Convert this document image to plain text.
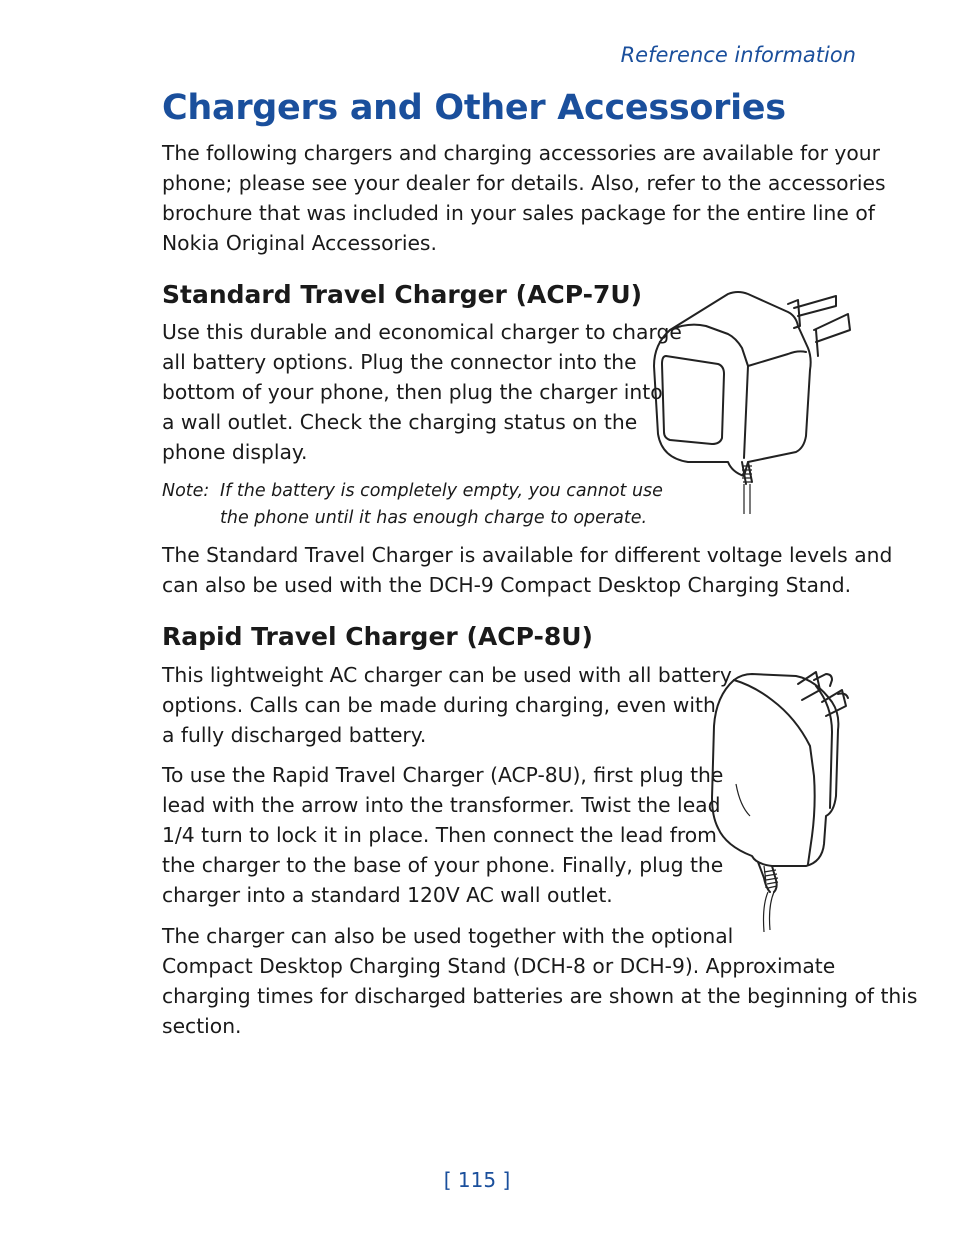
Reference information
Chargers and Other Accessories
The following chargers and charging accessories are available for your
phone; please see your dealer for details. Also, refer to the accessories
brochure that was included in your sales package for the entire line of
Nokia Original Accessories.
Standard Travel Charger (ACP-7U)
Use this durable and economical charger to charge
all battery options. Plug the connector into the
bottom of your phone, then plug the charger into
a wall outlet. Check the charging status on the
phone display.
Note: If the battery is completely empty, you cannot use
the phone until it has enough charge to operate.
The Standard Travel Charger is available for different voltage levels and
can also be used with the DCH-9 Compact Desktop Charging Stand.
Rapid Travel Charger (ACP-8U)
This lightweight AC charger can be used with all battery
options. Calls can be made during charging, even with
a fully discharged battery.
To use the Rapid Travel Charger (ACP-8U), first plug the
lead with the arrow into the transformer. Twist the lead
1/4 turn to lock it in place. Then connect the lead from
the charger to the base of your phone. Finally, plug the
charger into a standard 120V AC wall outlet.
The charger can also be used together with the optional
Compact Desktop Charging Stand (DCH-8 or DCH-9). Approximate
charging times for discharged batteries are shown at the beginning of this
section.
[ 115 ]
